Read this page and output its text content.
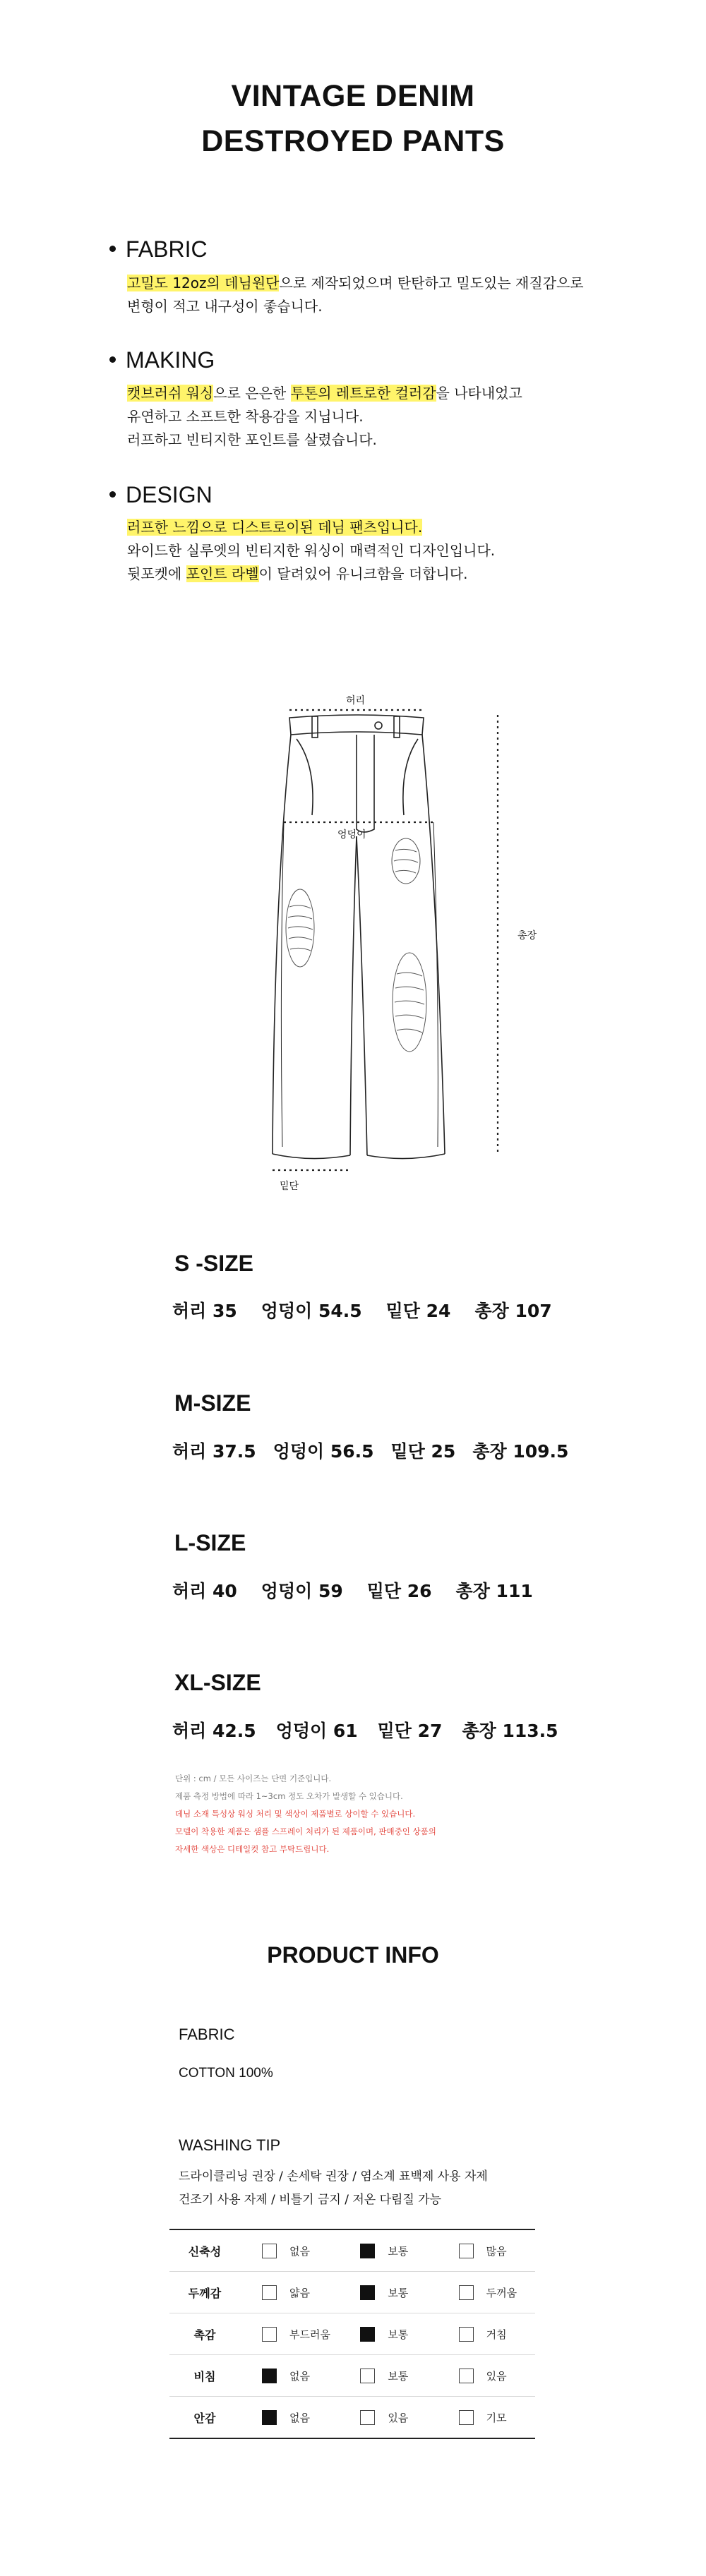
VINTAGE DENIM
DESTROYED PANTS
FABRIC
고밀도 12oz의 데님원단으로 제작되었으며 탄탄하고 밀도있는 재질감으로
변형이 적고 내구성이 좋습니다.
MAKING
캣브러쉬 워싱으로 은은한 투톤의 레트로한 컬러감을 나타내었고
유연하고 소프트한 착용감을 지닙니다.
러프하고 빈티지한 포인트를 살렸습니다.
DESIGN
러프한 느낌으로 디스트로이된 데님 팬츠입니다.
와이드한 실루엣의 빈티지한 워싱이 매력적인 디자인입니다.
뒷포켓에 포인트 라벨이 달려있어 유니크함을 더합니다.
허리
엉덩이
밑단
총장
S -SIZE
허리 35 엉덩이 54.5 밑단 24 총장 107
M-SIZE
허리 37.5 엉덩이 56.5 밑단 25 총장 109.5
L-SIZE
허리 40 엉덩이 59 밑단 26 총장 111
XL-SIZE
허리 42.5 엉덩이 61 밑단 27 총장 113.5
단위 : cm / 모든 사이즈는 단면 기준입니다.
제품 측정 방법에 따라 1~3cm 정도 오차가 발생할 수 있습니다.
데님 소재 특성상 워싱 처리 및 색상이 제품별로 상이할 수 있습니다.
모델이 착용한 제품은 샘플 스프레이 처리가 된 제품이며, 판매중인 상품의
자세한 색상은 디테일컷 참고 부탁드립니다.
PRODUCT INFO
FABRIC
COTTON 100%
WASHING TIP
드라이클리닝 권장 / 손세탁 권장 / 염소계 표백제 사용 자제
건조기 사용 자제 / 비틀기 금지 / 저온 다림질 가능
신축성	없음	보통	많음
두께감	얇음	보통	두꺼움
촉감	부드러움	보통	거침
비침	없음	보통	있음
안감	없음	있음	기모
